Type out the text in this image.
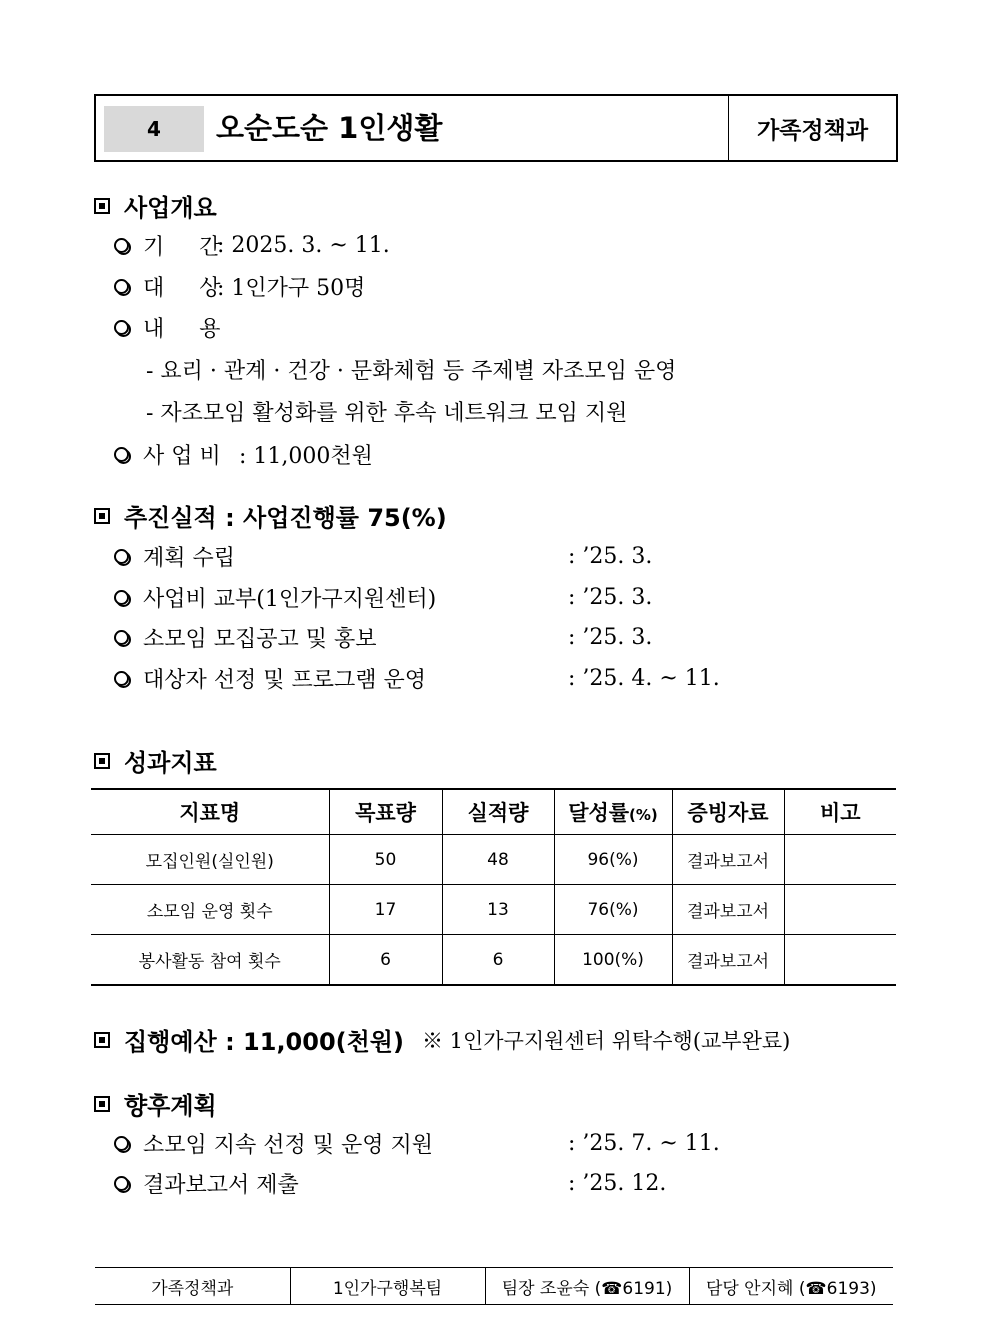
4	오순도순 1인생활	가족정책과
사업개요
기     간
: 2025. 3. ~ 11.
대     상
: 1인가구 50명
내     용
- 요리 · 관계 · 건강 · 문화체험 등 주제별 자조모임 운영
- 자조모임 활성화를 위한 후속 네트워크 모임 지원
사 업 비 : 11,000천원
추진실적 : 사업진행률 75(%)
계획 수립	: ’25. 3.
사업비 교부(1인가구지원센터)	: ’25. 3.
소모임 모집공고 및 홍보	: ’25. 3.
대상자 선정 및 프로그램 운영	: ’25. 4. ~ 11.
성과지표
지표명	목표량	실적량	달성률(%)	증빙자료	비고
모집인원(실인원)	50	48	96(%)	결과보고서	
소모임 운영 횟수	17	13	76(%)	결과보고서	
봉사활동 참여 횟수	6	6	100(%)	결과보고서	
집행예산 : 11,000(천원) ※ 1인가구지원센터 위탁수행(교부완료)
향후계획
소모임 지속 선정 및 운영 지원	: ’25. 7. ~ 11.
결과보고서 제출	: ’25. 12.
가족정책과	1인가구행복팀	팀장 조윤숙 (☎6191)	담당 안지혜 (☎6193)
